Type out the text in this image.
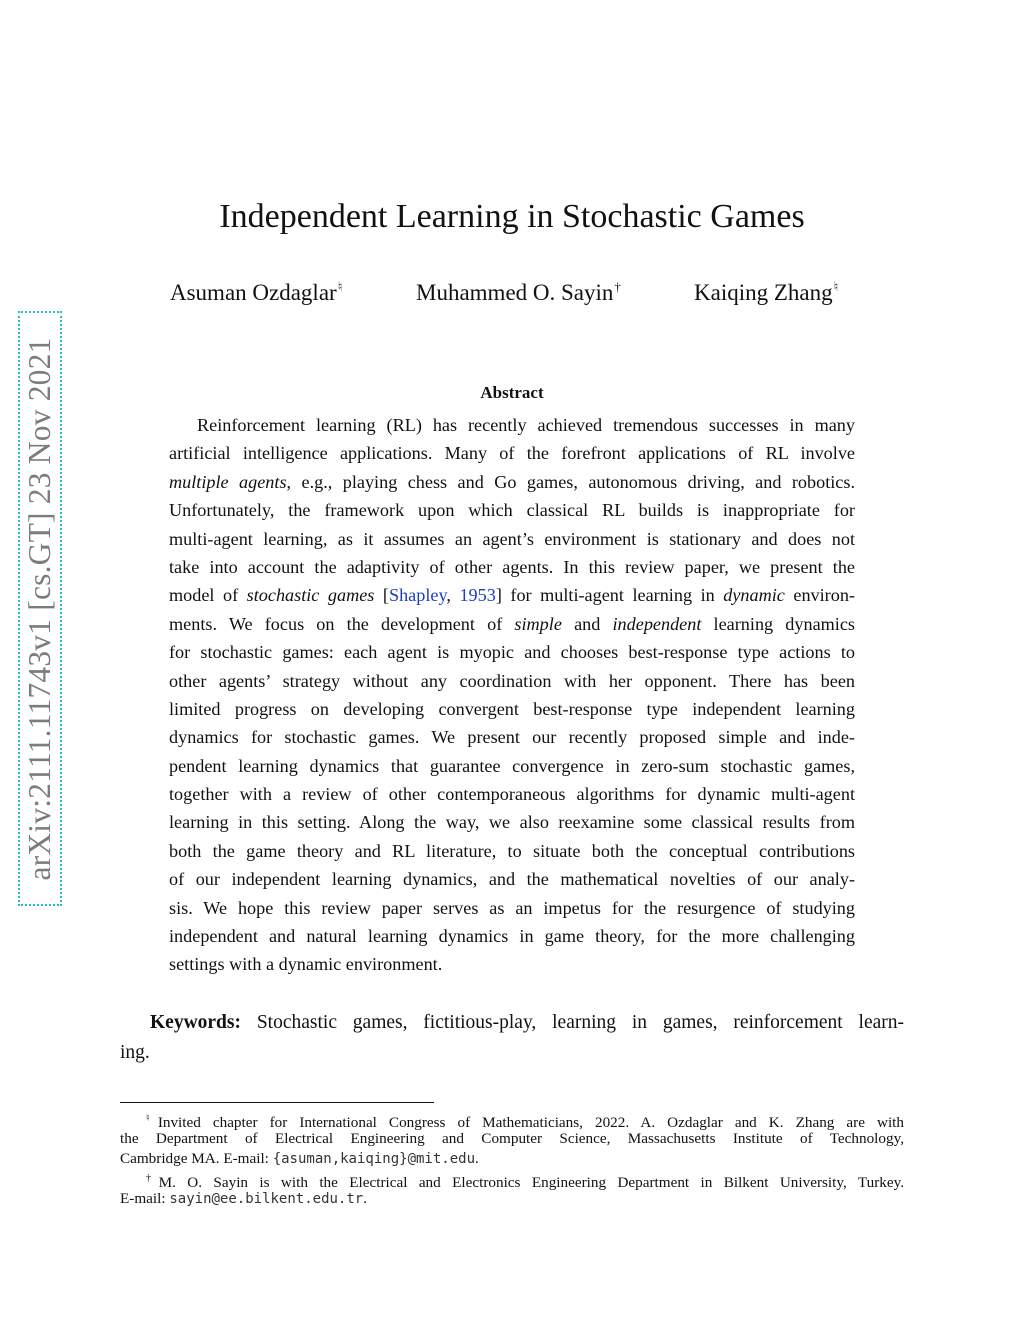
arXiv:2111.11743v1 [cs.GT] 23 Nov 2021
Independent Learning in Stochastic Games
Asuman Ozdaglar♮	Muhammed O. Sayin†	Kaiqing Zhang♮
Abstract
Reinforcement learning (RL) has recently achieved tremendous successes in many
artificial intelligence applications. Many of the forefront applications of RL involve
multiple agents, e.g., playing chess and Go games, autonomous driving, and robotics.
Unfortunately, the framework upon which classical RL builds is inappropriate for
multi-agent learning, as it assumes an agent’s environment is stationary and does not
take into account the adaptivity of other agents. In this review paper, we present the
model of stochastic games [Shapley, 1953] for multi-agent learning in dynamic environ-
ments. We focus on the development of simple and independent learning dynamics
for stochastic games: each agent is myopic and chooses best-response type actions to
other agents’ strategy without any coordination with her opponent. There has been
limited progress on developing convergent best-response type independent learning
dynamics for stochastic games. We present our recently proposed simple and inde-
pendent learning dynamics that guarantee convergence in zero-sum stochastic games,
together with a review of other contemporaneous algorithms for dynamic multi-agent
learning in this setting. Along the way, we also reexamine some classical results from
both the game theory and RL literature, to situate both the conceptual contributions
of our independent learning dynamics, and the mathematical novelties of our analy-
sis. We hope this review paper serves as an impetus for the resurgence of studying
independent and natural learning dynamics in game theory, for the more challenging
settings with a dynamic environment.
Keywords: Stochastic games, fictitious-play, learning in games, reinforcement learn-
ing.
♮Invited chapter for International Congress of Mathematicians, 2022. A. Ozdaglar and K. Zhang are with
the Department of Electrical Engineering and Computer Science, Massachusetts Institute of Technology,
Cambridge MA. E-mail: {asuman,kaiqing}@mit.edu.
†M. O. Sayin is with the Electrical and Electronics Engineering Department in Bilkent University, Turkey.
E-mail: sayin@ee.bilkent.edu.tr.
